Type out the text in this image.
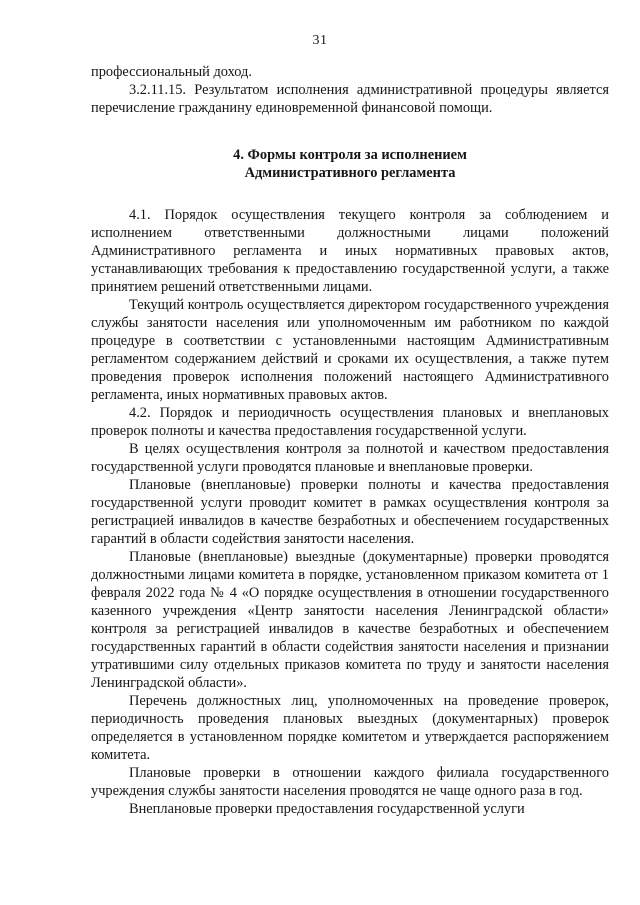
31

профессиональный доход.

3.2.11.15. Результатом исполнения административной процедуры является перечисление гражданину единовременной финансовой помощи.

4. Формы контроля за исполнением
Административного регламента

4.1. Порядок осуществления текущего контроля за соблюдением и исполнением ответственными должностными лицами положений Административного регламента и иных нормативных правовых актов, устанавливающих требования к предоставлению государственной услуги, а также принятием решений ответственными лицами.

Текущий контроль осуществляется директором государственного учреждения службы занятости населения или уполномоченным им работником по каждой процедуре в соответствии с установленными настоящим Административным регламентом содержанием действий и сроками их осуществления, а также путем проведения проверок исполнения положений настоящего Административного регламента, иных нормативных правовых актов.

4.2. Порядок и периодичность осуществления плановых и внеплановых проверок полноты и качества предоставления государственной услуги.

В целях осуществления контроля за полнотой и качеством предоставления государственной услуги проводятся плановые и внеплановые проверки.

Плановые (внеплановые) проверки полноты и качества предоставления государственной услуги проводит комитет в рамках осуществления контроля за регистрацией инвалидов в качестве безработных и обеспечением государственных гарантий в области содействия занятости населения.

Плановые (внеплановые) выездные (документарные) проверки проводятся должностными лицами комитета в порядке, установленном приказом комитета от 1 февраля 2022 года № 4 «О порядке осуществления в отношении государственного казенного учреждения «Центр занятости населения Ленинградской области» контроля за регистрацией инвалидов в качестве безработных и обеспечением государственных гарантий в области содействия занятости населения и признании утратившими силу отдельных приказов комитета по труду и занятости населения Ленинградской области».

Перечень должностных лиц, уполномоченных на проведение проверок, периодичность проведения плановых выездных (документарных) проверок определяется в установленном порядке комитетом и утверждается распоряжением комитета.

Плановые проверки в отношении каждого филиала государственного учреждения службы занятости населения проводятся не чаще одного раза в год.

Внеплановые проверки предоставления государственной услуги
